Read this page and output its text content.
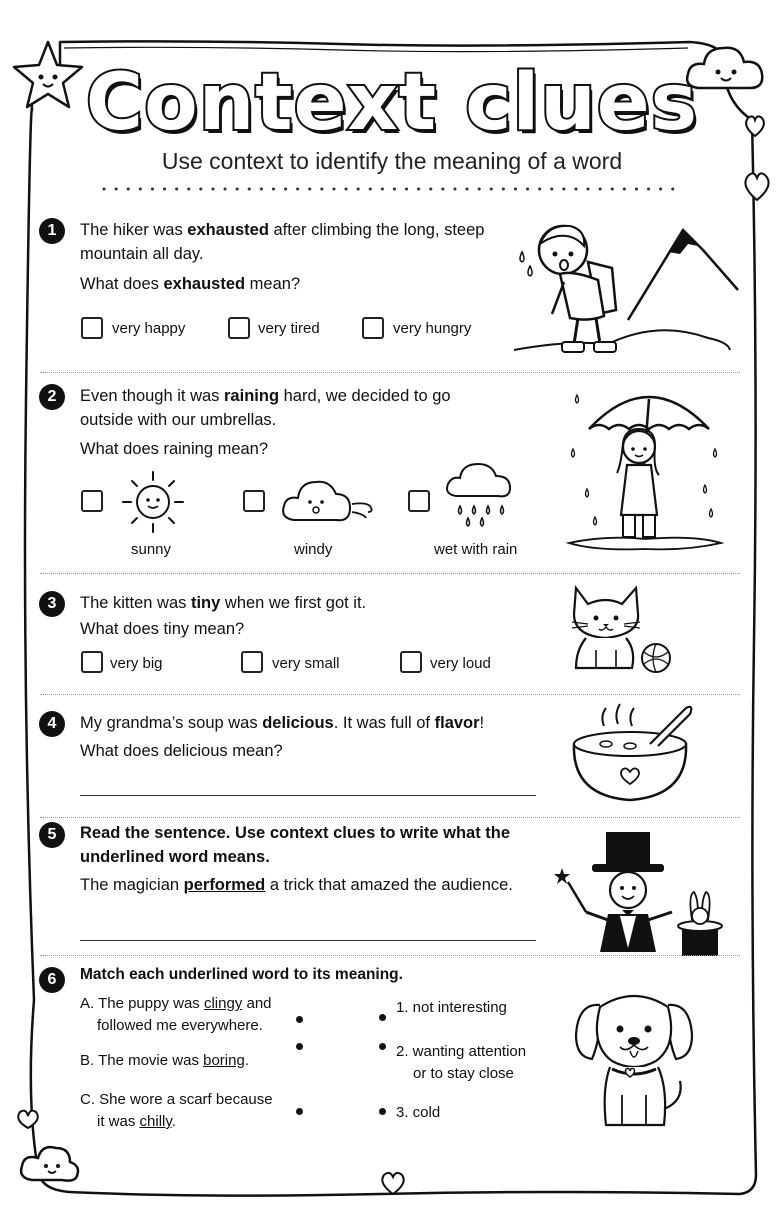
Context clues
Use context to identify the meaning of a word
1	The hiker was exhausted after climbing the long, steep mountain all day.
What does exhausted mean?
very happy	very tired	very hungry
2	Even though it was raining hard, we decided to go outside with our umbrellas.
What does raining mean?
sunny	windy	wet with rain
3	The kitten was tiny when we first got it.
What does tiny mean?
very big	very small	very loud
4	My grandma’s soup was delicious. It was full of flavor!
What does delicious mean?
5	Read the sentence. Use context clues to write what the underlined word means.
The magician performed a trick that amazed the audience.
6	Match each underlined word to its meaning.
A. The puppy was clingy and
followed me everywhere.
B. The movie was boring.
C. She wore a scarf because
it was chilly.
1. not interesting
2. wanting attention
or to stay close
3. cold
